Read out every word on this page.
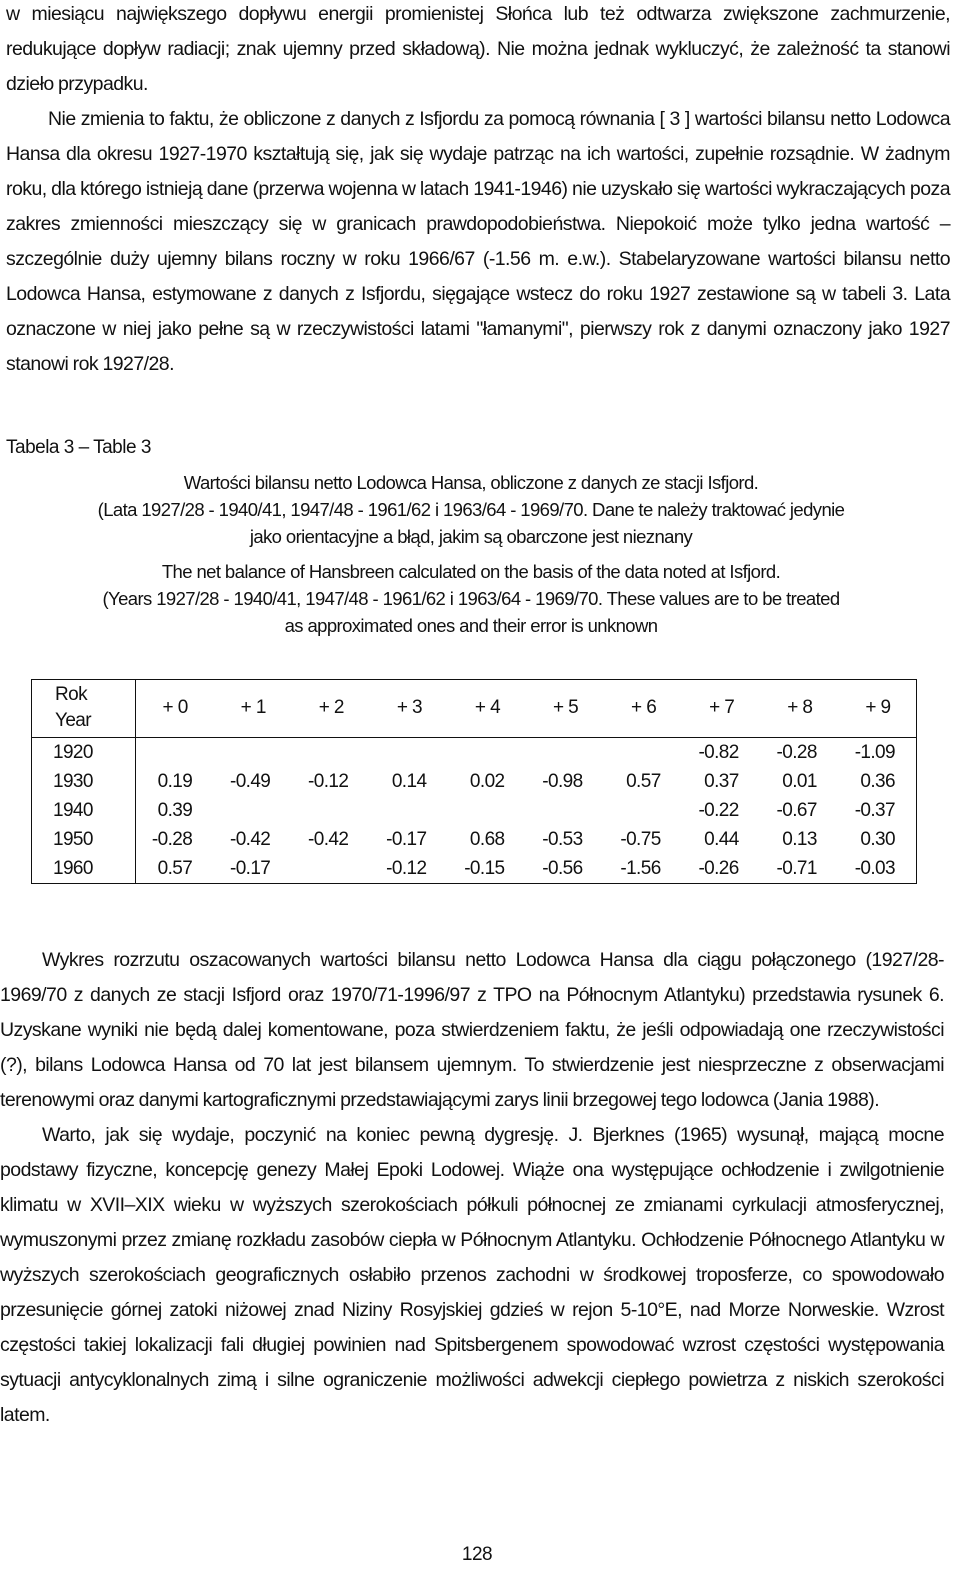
w miesiącu największego dopływu energii promienistej Słońca lub też odtwarza zwiększone zachmurzenie, redukujące dopływ radiacji; znak ujemny przed składową). Nie można jednak wykluczyć, że zależność ta stanowi dzieło przypadku.

Nie zmienia to faktu, że obliczone z danych z Isfjordu za pomocą równania [ 3 ] wartości bilansu netto Lodowca Hansa dla okresu 1927-1970 kształtują się, jak się wydaje patrząc na ich wartości, zupełnie rozsądnie. W żadnym roku, dla którego istnieją dane (przerwa wojenna w latach 1941-1946) nie uzyskało się wartości wykraczających poza zakres zmienności mieszczący się w granicach prawdopodobieństwa. Niepokoić może tylko jedna wartość – szczególnie duży ujemny bilans roczny w roku 1966/67 (-1.56 m. e.w.). Stabelaryzowane wartości bilansu netto Lodowca Hansa, estymowane z danych z Isfjordu, sięgające wstecz do roku 1927 zestawione są w tabeli 3. Lata oznaczone w niej jako pełne są w rzeczywistości latami "łamanymi", pierwszy rok z danymi oznaczony jako 1927 stanowi rok 1927/28.

Tabela 3 – Table 3
Wartości bilansu netto Lodowca Hansa, obliczone z danych ze stacji Isfjord.
(Lata 1927/28 - 1940/41, 1947/48 - 1961/62 i 1963/64 - 1969/70. Dane te należy traktować jedynie
jako orientacyjne a błąd, jakim są obarczone jest nieznany
The net balance of Hansbreen calculated on the basis of the data noted at Isfjord.
(Years 1927/28 - 1940/41, 1947/48 - 1961/62 i 1963/64 - 1969/70. These values are to be treated
as approximated ones and their error is unknown
Rok
Year	+ 0	+ 1	+ 2	+ 3	+ 4	+ 5	+ 6	+ 7	+ 8	+ 9
1920								-0.82	-0.28	-1.09
1930	0.19	-0.49	-0.12	0.14	0.02	-0.98	0.57	0.37	0.01	0.36
1940	0.39							-0.22	-0.67	-0.37
1950	-0.28	-0.42	-0.42	-0.17	0.68	-0.53	-0.75	0.44	0.13	0.30
1960	0.57	-0.17		-0.12	-0.15	-0.56	-1.56	-0.26	-0.71	-0.03

Wykres rozrzutu oszacowanych wartości bilansu netto Lodowca Hansa dla ciągu połączonego (1927/28-1969/70 z danych ze stacji Isfjord oraz 1970/71-1996/97 z TPO na Północnym Atlantyku) przedstawia rysunek 6. Uzyskane wyniki nie będą dalej komentowane, poza stwierdzeniem faktu, że jeśli odpowiadają one rzeczywistości (?), bilans Lodowca Hansa od 70 lat jest bilansem ujemnym. To stwierdzenie jest niesprzeczne z obserwacjami terenowymi oraz danymi kartograficznymi przedstawiającymi zarys linii brzegowej tego lodowca (Jania 1988).

Warto, jak się wydaje, poczynić na koniec pewną dygresję. J. Bjerknes (1965) wysunął, mającą mocne podstawy fizyczne, koncepcję genezy Małej Epoki Lodowej. Wiąże ona występujące ochłodzenie i zwilgotnienie klimatu w XVII–XIX wieku w wyższych szerokościach półkuli północnej ze zmianami cyrkulacji atmosferycznej, wymuszonymi przez zmianę rozkładu zasobów ciepła w Północnym Atlantyku. Ochłodzenie Północnego Atlantyku w wyższych szerokościach geograficznych osłabiło przenos zachodni w środkowej troposferze, co spowodowało przesunięcie górnej zatoki niżowej znad Niziny Rosyjskiej gdzieś w rejon 5-10°E, nad Morze Norweskie. Wzrost częstości takiej lokalizacji fali długiej powinien nad Spitsbergenem spowodować wzrost częstości występowania sytuacji antycyklonalnych zimą i silne ograniczenie możliwości adwekcji ciepłego powietrza z niskich szerokości latem.

128
